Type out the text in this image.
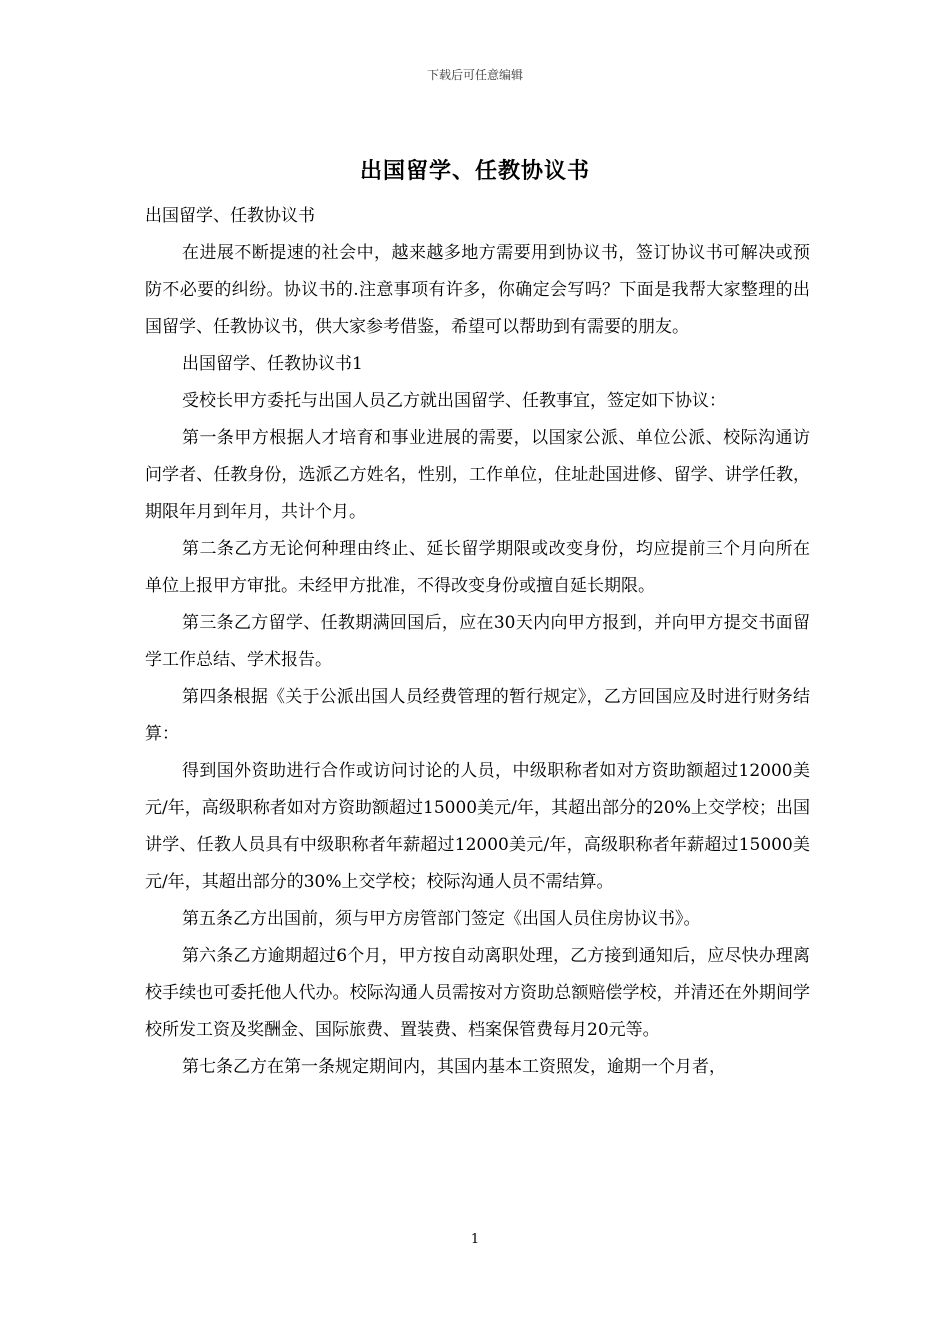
下载后可任意编辑
出国留学、任教协议书

出国留学、任教协议书

在进展不断提速的社会中，越来越多地方需要用到协议书，签订协议书可解决或预防不必要的纠纷。协议书的.注意事项有许多，你确定会写吗？下面是我帮大家整理的出国留学、任教协议书，供大家参考借鉴，希望可以帮助到有需要的朋友。

出国留学、任教协议书1

受校长甲方委托与出国人员乙方就出国留学、任教事宜，签定如下协议：

第一条甲方根据人才培育和事业进展的需要，以国家公派、单位公派、校际沟通访问学者、任教身份，选派乙方姓名，性别，工作单位，住址赴国进修、留学、讲学任教，期限年月到年月，共计个月。

第二条乙方无论何种理由终止、延长留学期限或改变身份，均应提前三个月向所在单位上报甲方审批。未经甲方批准，不得改变身份或擅自延长期限。

第三条乙方留学、任教期满回国后，应在30天内向甲方报到，并向甲方提交书面留学工作总结、学术报告。

第四条根据《关于公派出国人员经费管理的暂行规定》，乙方回国应及时进行财务结算：

得到国外资助进行合作或访问讨论的人员，中级职称者如对方资助额超过12000美元/年，高级职称者如对方资助额超过15000美元/年，其超出部分的20%上交学校；出国讲学、任教人员具有中级职称者年薪超过12000美元/年，高级职称者年薪超过15000美元/年，其超出部分的30%上交学校；校际沟通人员不需结算。

第五条乙方出国前，须与甲方房管部门签定《出国人员住房协议书》。

第六条乙方逾期超过6个月，甲方按自动离职处理，乙方接到通知后，应尽快办理离校手续也可委托他人代办。校际沟通人员需按对方资助总额赔偿学校，并清还在外期间学校所发工资及奖酬金、国际旅费、置装费、档案保管费每月20元等。

第七条乙方在第一条规定期间内，其国内基本工资照发，逾期一个月者，

1
